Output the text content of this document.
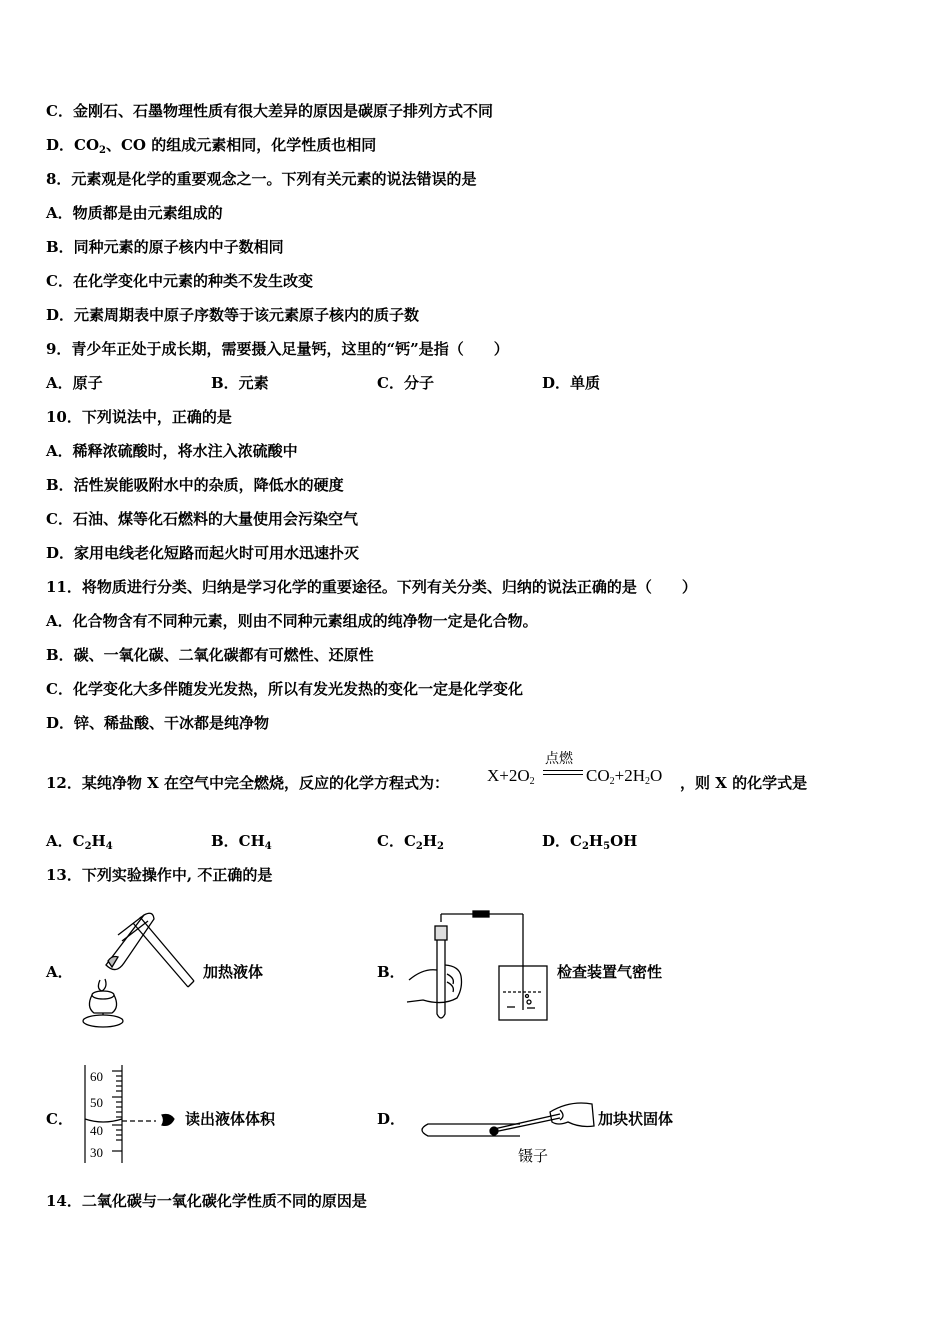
C．金刚石、石墨物理性质有很大差异的原因是碳原子排列方式不同
D．$CO_2$、CO 的组成元素相同，化学性质也相同
8．元素观是化学的重要观念之一。下列有关元素的说法错误的是
A．物质都是由元素组成的
B．同种元素的原子核内中子数相同
C．在化学变化中元素的种类不发生改变
D．元素周期表中原子序数等于该元素原子核内的质子数
9．青少年正处于成长期，需要摄入足量钙，这里的“钙”是指（　　）
A．原子	B．元素	C．分子	D．单质
10．下列说法中，正确的是
A．稀释浓硫酸时，将水注入浓硫酸中
B．活性炭能吸附水中的杂质，降低水的硬度
C．石油、煤等化石燃料的大量使用会污染空气
D．家用电线老化短路而起火时可用水迅速扑灭
11．将物质进行分类、归纳是学习化学的重要途径。下列有关分类、归纳的说法正确的是（　　）
A．化合物含有不同种元素，则由不同种元素组成的纯净物一定是化合物。
B．碳、一氧化碳、二氧化碳都有可燃性、还原性
C．化学变化大多伴随发光发热，所以有发光发热的变化一定是化学变化
D．锌、稀盐酸、干冰都是纯净物
12．某纯净物 X 在空气中完全燃烧，反应的化学方程式为： $X+2O_2$
点燃
$CO_2+2H_2O$ ，则 X 的化学式是
A．$C_2H_4$	B．$CH_4$	C．$C_2H_2$	D．$C_2H_5OH$
13．下列实验操作中, 不正确的是
A．	加热液体	B．	检查装置气密性
C．
60
50
40
30
读出液体体积	D．	加块状固体
镊子
14．二氧化碳与一氧化碳化学性质不同的原因是
